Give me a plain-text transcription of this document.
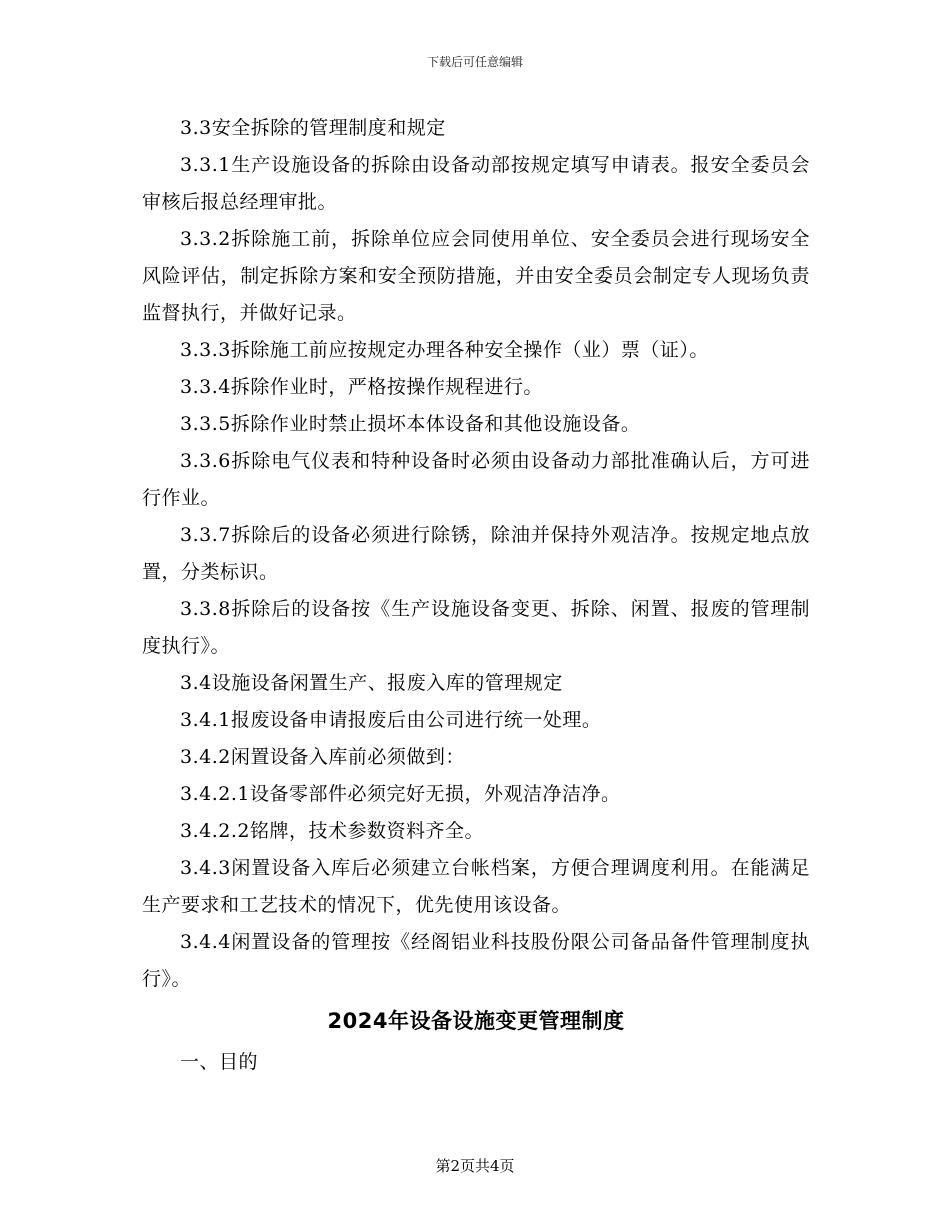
下载后可任意编辑

3.3安全拆除的管理制度和规定

3.3.1生产设施设备的拆除由设备动部按规定填写申请表。报安全委员会审核后报总经理审批。

3.3.2拆除施工前，拆除单位应会同使用单位、安全委员会进行现场安全风险评估，制定拆除方案和安全预防措施，并由安全委员会制定专人现场负责监督执行，并做好记录。

3.3.3拆除施工前应按规定办理各种安全操作（业）票（证）。

3.3.4拆除作业时，严格按操作规程进行。

3.3.5拆除作业时禁止损坏本体设备和其他设施设备。

3.3.6拆除电气仪表和特种设备时必须由设备动力部批准确认后，方可进行作业。

3.3.7拆除后的设备必须进行除锈，除油并保持外观洁净。按规定地点放置，分类标识。

3.3.8拆除后的设备按《生产设施设备变更、拆除、闲置、报废的管理制度执行》。

3.4设施设备闲置生产、报废入库的管理规定

3.4.1报废设备申请报废后由公司进行统一处理。

3.4.2闲置设备入库前必须做到：

3.4.2.1设备零部件必须完好无损，外观洁净洁净。

3.4.2.2铭牌，技术参数资料齐全。

3.4.3闲置设备入库后必须建立台帐档案，方便合理调度利用。在能满足生产要求和工艺技术的情况下，优先使用该设备。

3.4.4闲置设备的管理按《经阁铝业科技股份限公司备品备件管理制度执行》。

2024年设备设施变更管理制度

一、目的

第2页共4页
